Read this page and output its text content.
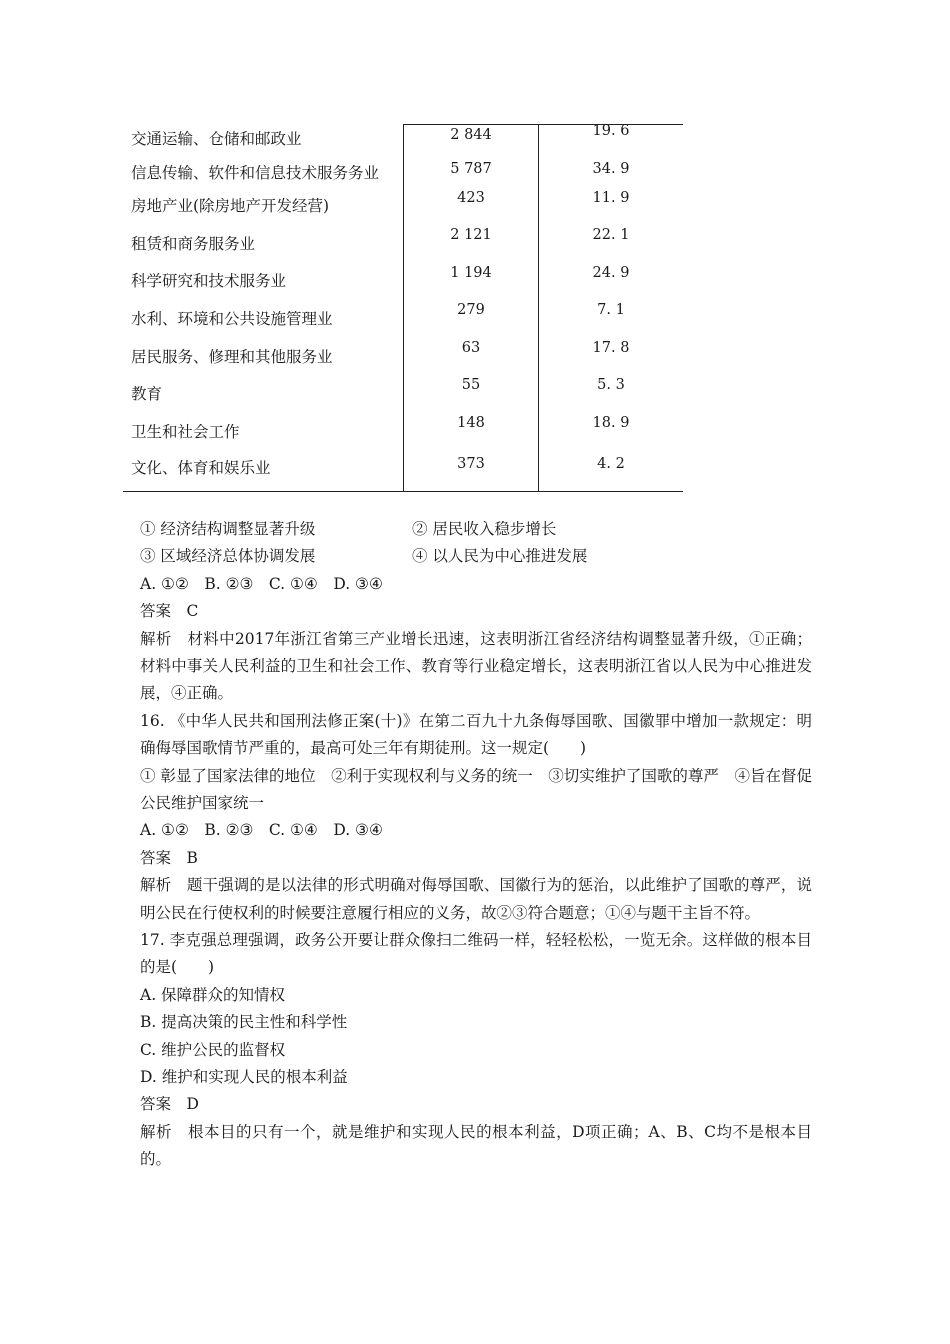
交通运输、仓储和邮政业	2 844	19. 6
信息传输、软件和信息技术服务务业	5 787	34. 9
房地产业(除房地产开发经营)	423	11. 9
租赁和商务服务业	2 121	22. 1
科学研究和技术服务业	1 194	24. 9
水利、环境和公共设施管理业	279	7. 1
居民服务、修理和其他服务业	63	17. 8
教育	55	5. 3
卫生和社会工作	148	18. 9
文化、体育和娱乐业	373	4. 2
① 经济结构调整显著升级	② 居民收入稳步增长
③ 区域经济总体协调发展	④ 以人民为中心推进发展
A. ①②　B. ②③　C. ①④　D. ③④
答案　C
解析　材料中2017年浙江省第三产业增长迅速，这表明浙江省经济结构调整显著升级，①正确；材料中事关人民利益的卫生和社会工作、教育等行业稳定增长，这表明浙江省以人民为中心推进发展，④正确。
16. 《中华人民共和国刑法修正案(十)》在第二百九十九条侮辱国歌、国徽罪中增加一款规定：明确侮辱国歌情节严重的，最高可处三年有期徒刑。这一规定(　　)
① 彰显了国家法律的地位　②利于实现权利与义务的统一　③切实维护了国歌的尊严　④旨在督促公民维护国家统一
A. ①②　B. ②③　C. ①④　D. ③④
答案　B
解析　题干强调的是以法律的形式明确对侮辱国歌、国徽行为的惩治，以此维护了国歌的尊严，说明公民在行使权利的时候要注意履行相应的义务，故②③符合题意；①④与题干主旨不符。
17. 李克强总理强调，政务公开要让群众像扫二维码一样，轻轻松松，一览无余。这样做的根本目的是(　　)
A. 保障群众的知情权
B. 提高决策的民主性和科学性
C. 维护公民的监督权
D. 维护和实现人民的根本利益
答案　D
解析　根本目的只有一个，就是维护和实现人民的根本利益，D项正确；A、B、C均不是根本目的。
